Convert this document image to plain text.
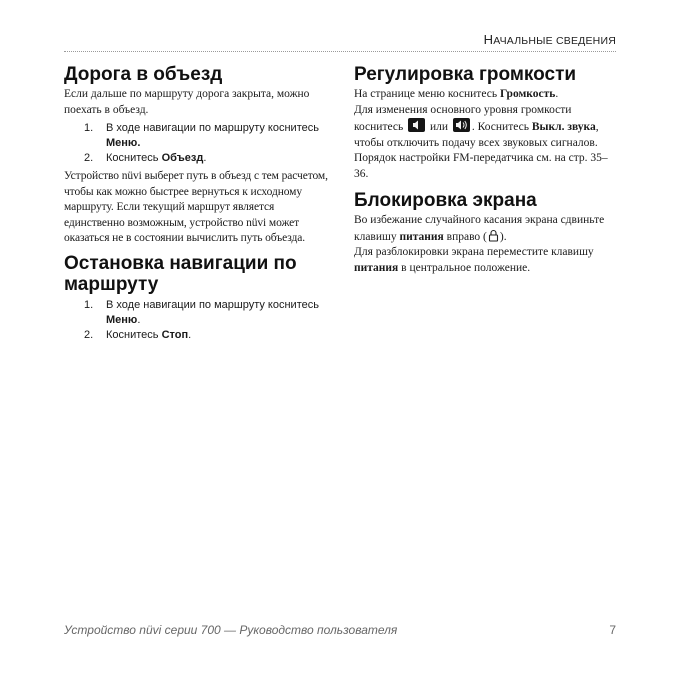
НАЧАЛЬНЫЕ СВЕДЕНИЯ
Дорога в объезд

Если дальше по маршруту дорога закрыта, можно поехать в объезд.

1. В ходе навигации по маршруту коснитесь Меню.
2. Коснитесь Объезд.

Устройство nüvi выберет путь в объезд с тем расчетом, чтобы как можно быстрее вернуться к исходному маршруту. Если текущий маршрут является единственно возможным, устройство nüvi может оказаться не в состоянии вычислить путь объезда.

Остановка навигации по маршруту
1. В ходе навигации по маршруту коснитесь Меню.
2. Коснитесь Стоп.
Регулировка громкости

На странице меню коснитесь Громкость.

Для изменения основного уровня громкости коснитесь или . Коснитесь Выкл. звука, чтобы отключить подачу всех звуковых сигналов. Порядок настройки FM-передатчика см. на стр. 35–36.

Блокировка экрана

Во избежание случайного касания экрана сдвиньте клавишу питания вправо ( ).

Для разблокировки экрана переместите клавишу питания в центральное положение.

Устройство nüvi серии 700 — Руководство пользователя	7
